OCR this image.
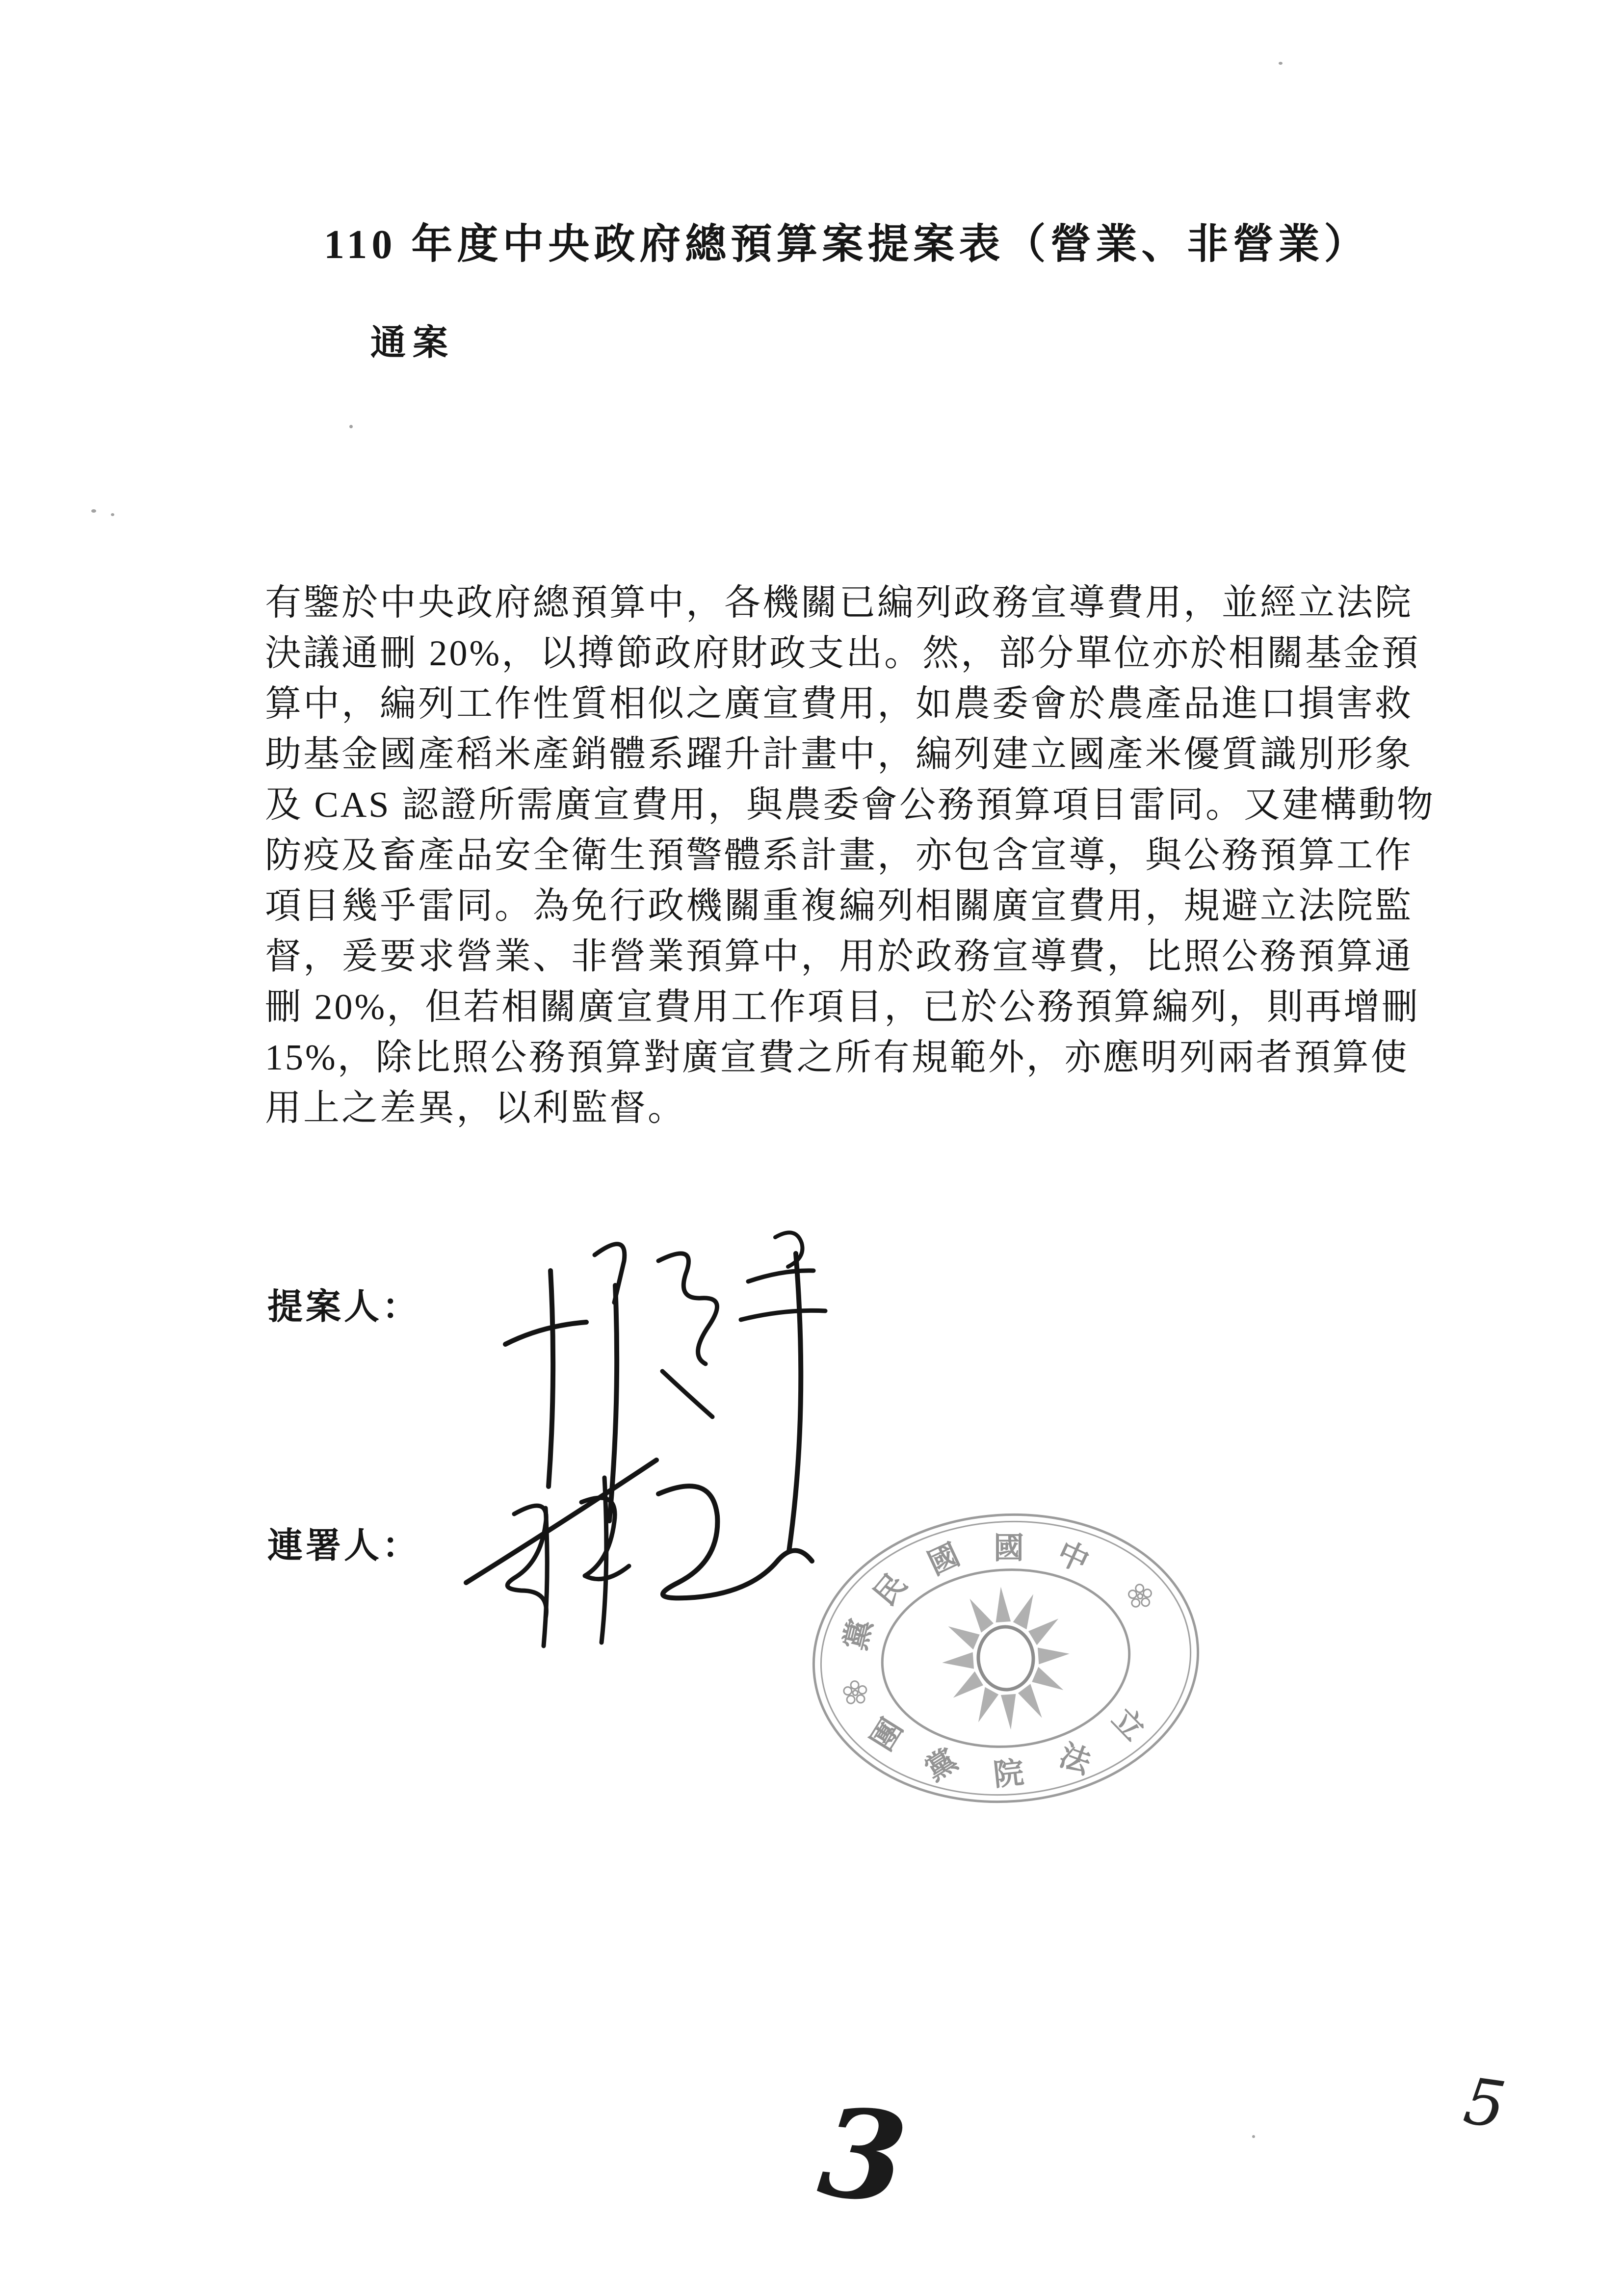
110 年度中央政府總預算案提案表（營業、非營業）
通案
有鑒於中央政府總預算中，各機關已編列政務宣導費用，並經立法院
決議通刪 20%，以撙節政府財政支出。然，部分單位亦於相關基金預
算中，編列工作性質相似之廣宣費用，如農委會於農產品進口損害救
助基金國產稻米產銷體系躍升計畫中，編列建立國產米優質識別形象
及 CAS 認證所需廣宣費用，與農委會公務預算項目雷同。又建構動物
防疫及畜產品安全衛生預警體系計畫，亦包含宣導，與公務預算工作
項目幾乎雷同。為免行政機關重複編列相關廣宣費用，規避立法院監
督，爰要求營業、非營業預算中，用於政務宣導費，比照公務預算通
刪 20%，但若相關廣宣費用工作項目，已於公務預算編列，則再增刪
15%，除比照公務預算對廣宣費之所有規範外，亦應明列兩者預算使
用上之差異，以利監督。
提案人：
連署人：
黨
民
國 國 中
團
黨 院 法
立
3	5
